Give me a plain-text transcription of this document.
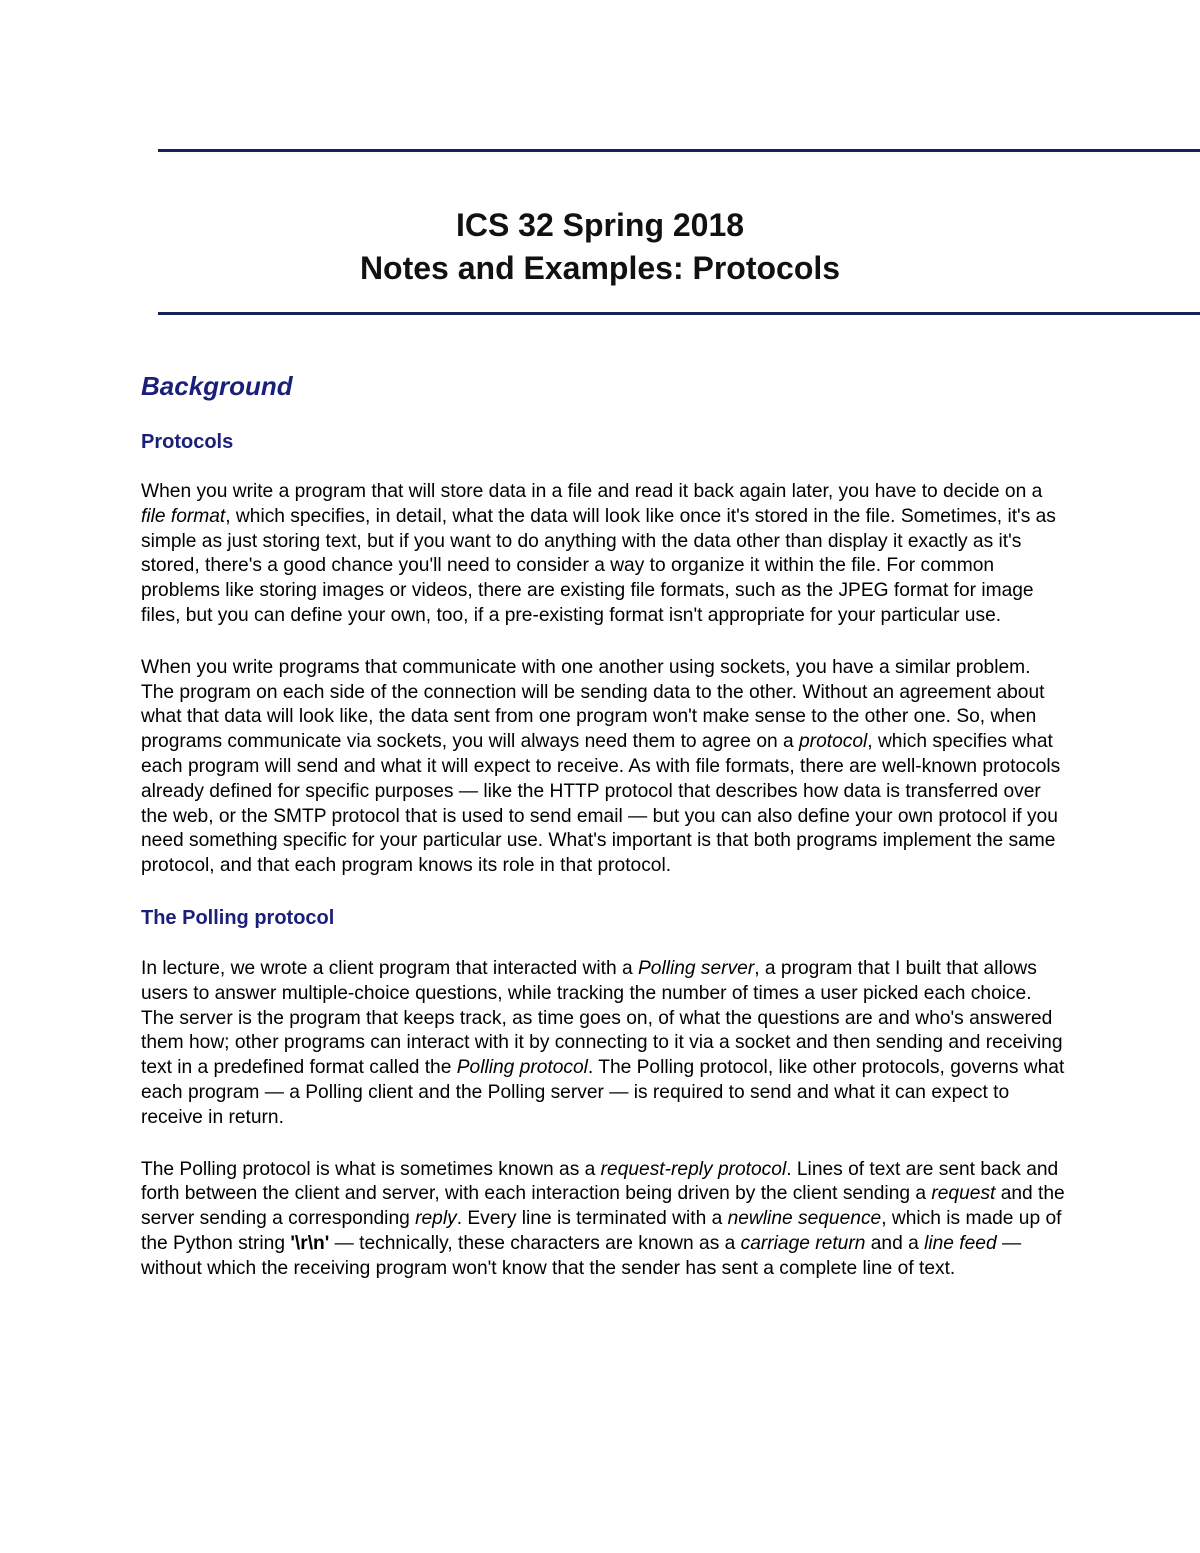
ICS 32 Spring 2018
Notes and Examples: Protocols
Background
Protocols

When you write a program that will store data in a file and read it back again later, you have to decide on a file format, which specifies, in detail, what the data will look like once it's stored in the file. Sometimes, it's as simple as just storing text, but if you want to do anything with the data other than display it exactly as it's stored, there's a good chance you'll need to consider a way to organize it within the file. For common problems like storing images or videos, there are existing file formats, such as the JPEG format for image files, but you can define your own, too, if a pre-existing format isn't appropriate for your particular use.

When you write programs that communicate with one another using sockets, you have a similar problem. The program on each side of the connection will be sending data to the other. Without an agreement about what that data will look like, the data sent from one program won't make sense to the other one. So, when programs communicate via sockets, you will always need them to agree on a protocol, which specifies what each program will send and what it will expect to receive. As with file formats, there are well-known protocols already defined for specific purposes — like the HTTP protocol that describes how data is transferred over the web, or the SMTP protocol that is used to send email — but you can also define your own protocol if you need something specific for your particular use. What's important is that both programs implement the same protocol, and that each program knows its role in that protocol.

The Polling protocol

In lecture, we wrote a client program that interacted with a Polling server, a program that I built that allows users to answer multiple-choice questions, while tracking the number of times a user picked each choice. The server is the program that keeps track, as time goes on, of what the questions are and who's answered them how; other programs can interact with it by connecting to it via a socket and then sending and receiving text in a predefined format called the Polling protocol. The Polling protocol, like other protocols, governs what each program — a Polling client and the Polling server — is required to send and what it can expect to receive in return.

The Polling protocol is what is sometimes known as a request-reply protocol. Lines of text are sent back and forth between the client and server, with each interaction being driven by the client sending a request and the server sending a corresponding reply. Every line is terminated with a newline sequence, which is made up of the Python string '\r\n' — technically, these characters are known as a carriage return and a line feed — without which the receiving program won't know that the sender has sent a complete line of text.
